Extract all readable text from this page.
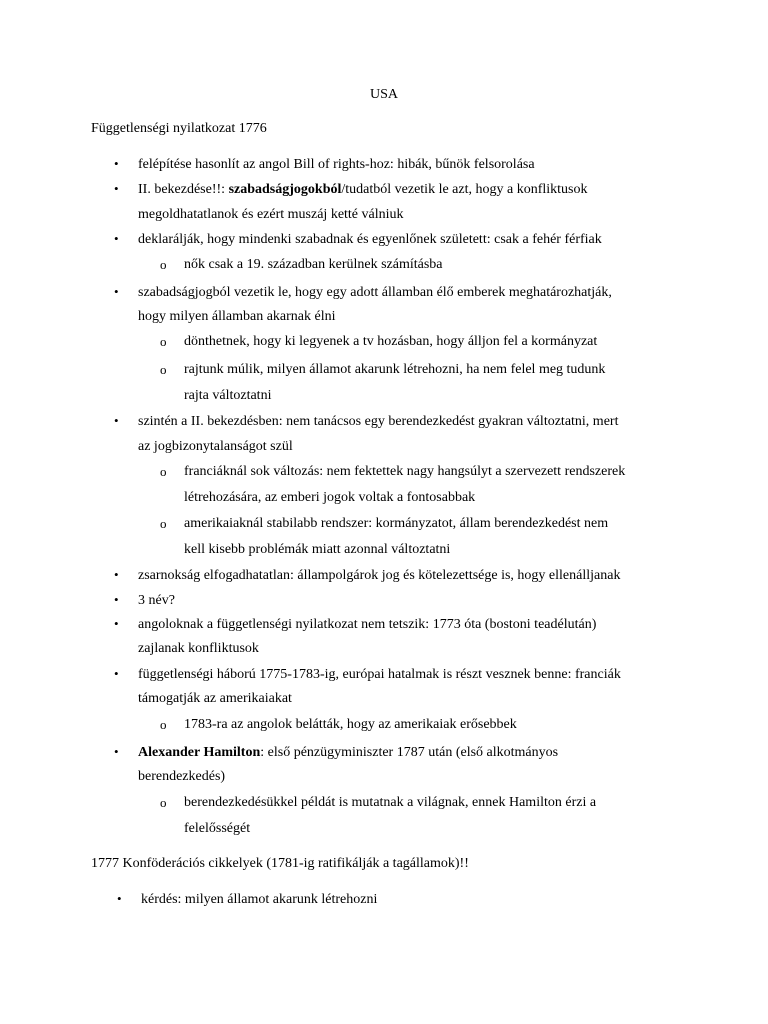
USA
Függetlenségi nyilatkozat 1776
• felépítése hasonlít az angol Bill of rights-hoz: hibák, bűnök felsorolása
• II. bekezdése!!: szabadságjogokból/tudatból vezetik le azt, hogy a konfliktusok
megoldhatatlanok és ezért muszáj ketté válniuk
• deklarálják, hogy mindenki szabadnak és egyenlőnek született: csak a fehér férfiak
o nők csak a 19. században kerülnek számításba
• szabadságjogból vezetik le, hogy egy adott államban élő emberek meghatározhatják,
hogy milyen államban akarnak élni
o dönthetnek, hogy ki legyenek a tv hozásban, hogy álljon fel a kormányzat
o rajtunk múlik, milyen államot akarunk létrehozni, ha nem felel meg tudunk
rajta változtatni
• szintén a II. bekezdésben: nem tanácsos egy berendezkedést gyakran változtatni, mert
az jogbizonytalanságot szül
o franciáknál sok változás: nem fektettek nagy hangsúlyt a szervezett rendszerek
létrehozására, az emberi jogok voltak a fontosabbak
o amerikaiaknál stabilabb rendszer: kormányzatot, állam berendezkedést nem
kell kisebb problémák miatt azonnal változtatni
• zsarnokság elfogadhatatlan: állampolgárok jog és kötelezettsége is, hogy ellenálljanak
• 3 név?
• angoloknak a függetlenségi nyilatkozat nem tetszik: 1773 óta (bostoni teadélután)
zajlanak konfliktusok
• függetlenségi háború 1775-1783-ig, európai hatalmak is részt vesznek benne: franciák
támogatják az amerikaiakat
o 1783-ra az angolok belátták, hogy az amerikaiak erősebbek
• Alexander Hamilton: első pénzügyminiszter 1787 után (első alkotmányos
berendezkedés)
o berendezkedésükkel példát is mutatnak a világnak, ennek Hamilton érzi a
felelősségét
1777 Konföderációs cikkelyek (1781-ig ratifikálják a tagállamok)!!
• kérdés: milyen államot akarunk létrehozni
